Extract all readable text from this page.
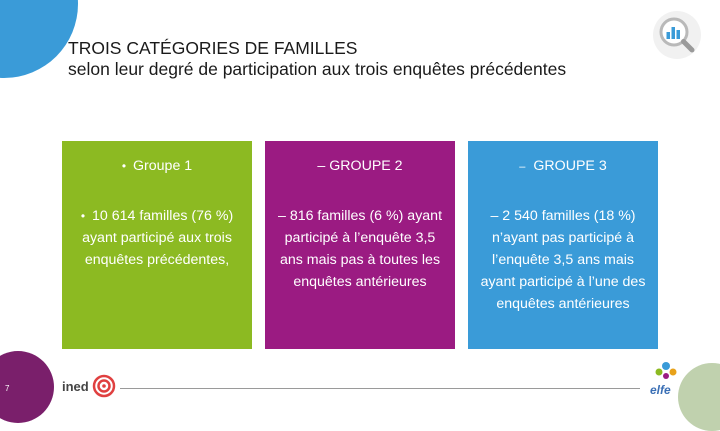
TROIS CATÉGORIES DE FAMILLES
selon leur degré de participation aux trois enquêtes précédentes
• Groupe 1
• 10 614 familles (76 %) ayant participé aux trois enquêtes précédentes,
– GROUPE 2
– 816 familles (6 %) ayant participé à l’enquête 3,5 ans mais pas à toutes les enquêtes antérieures
– GROUPE 3
– 2 540 familles (18 %) n’ayant pas participé à l’enquête 3,5 ans mais ayant participé à l’une des enquêtes antérieures
7	ined	elfe
